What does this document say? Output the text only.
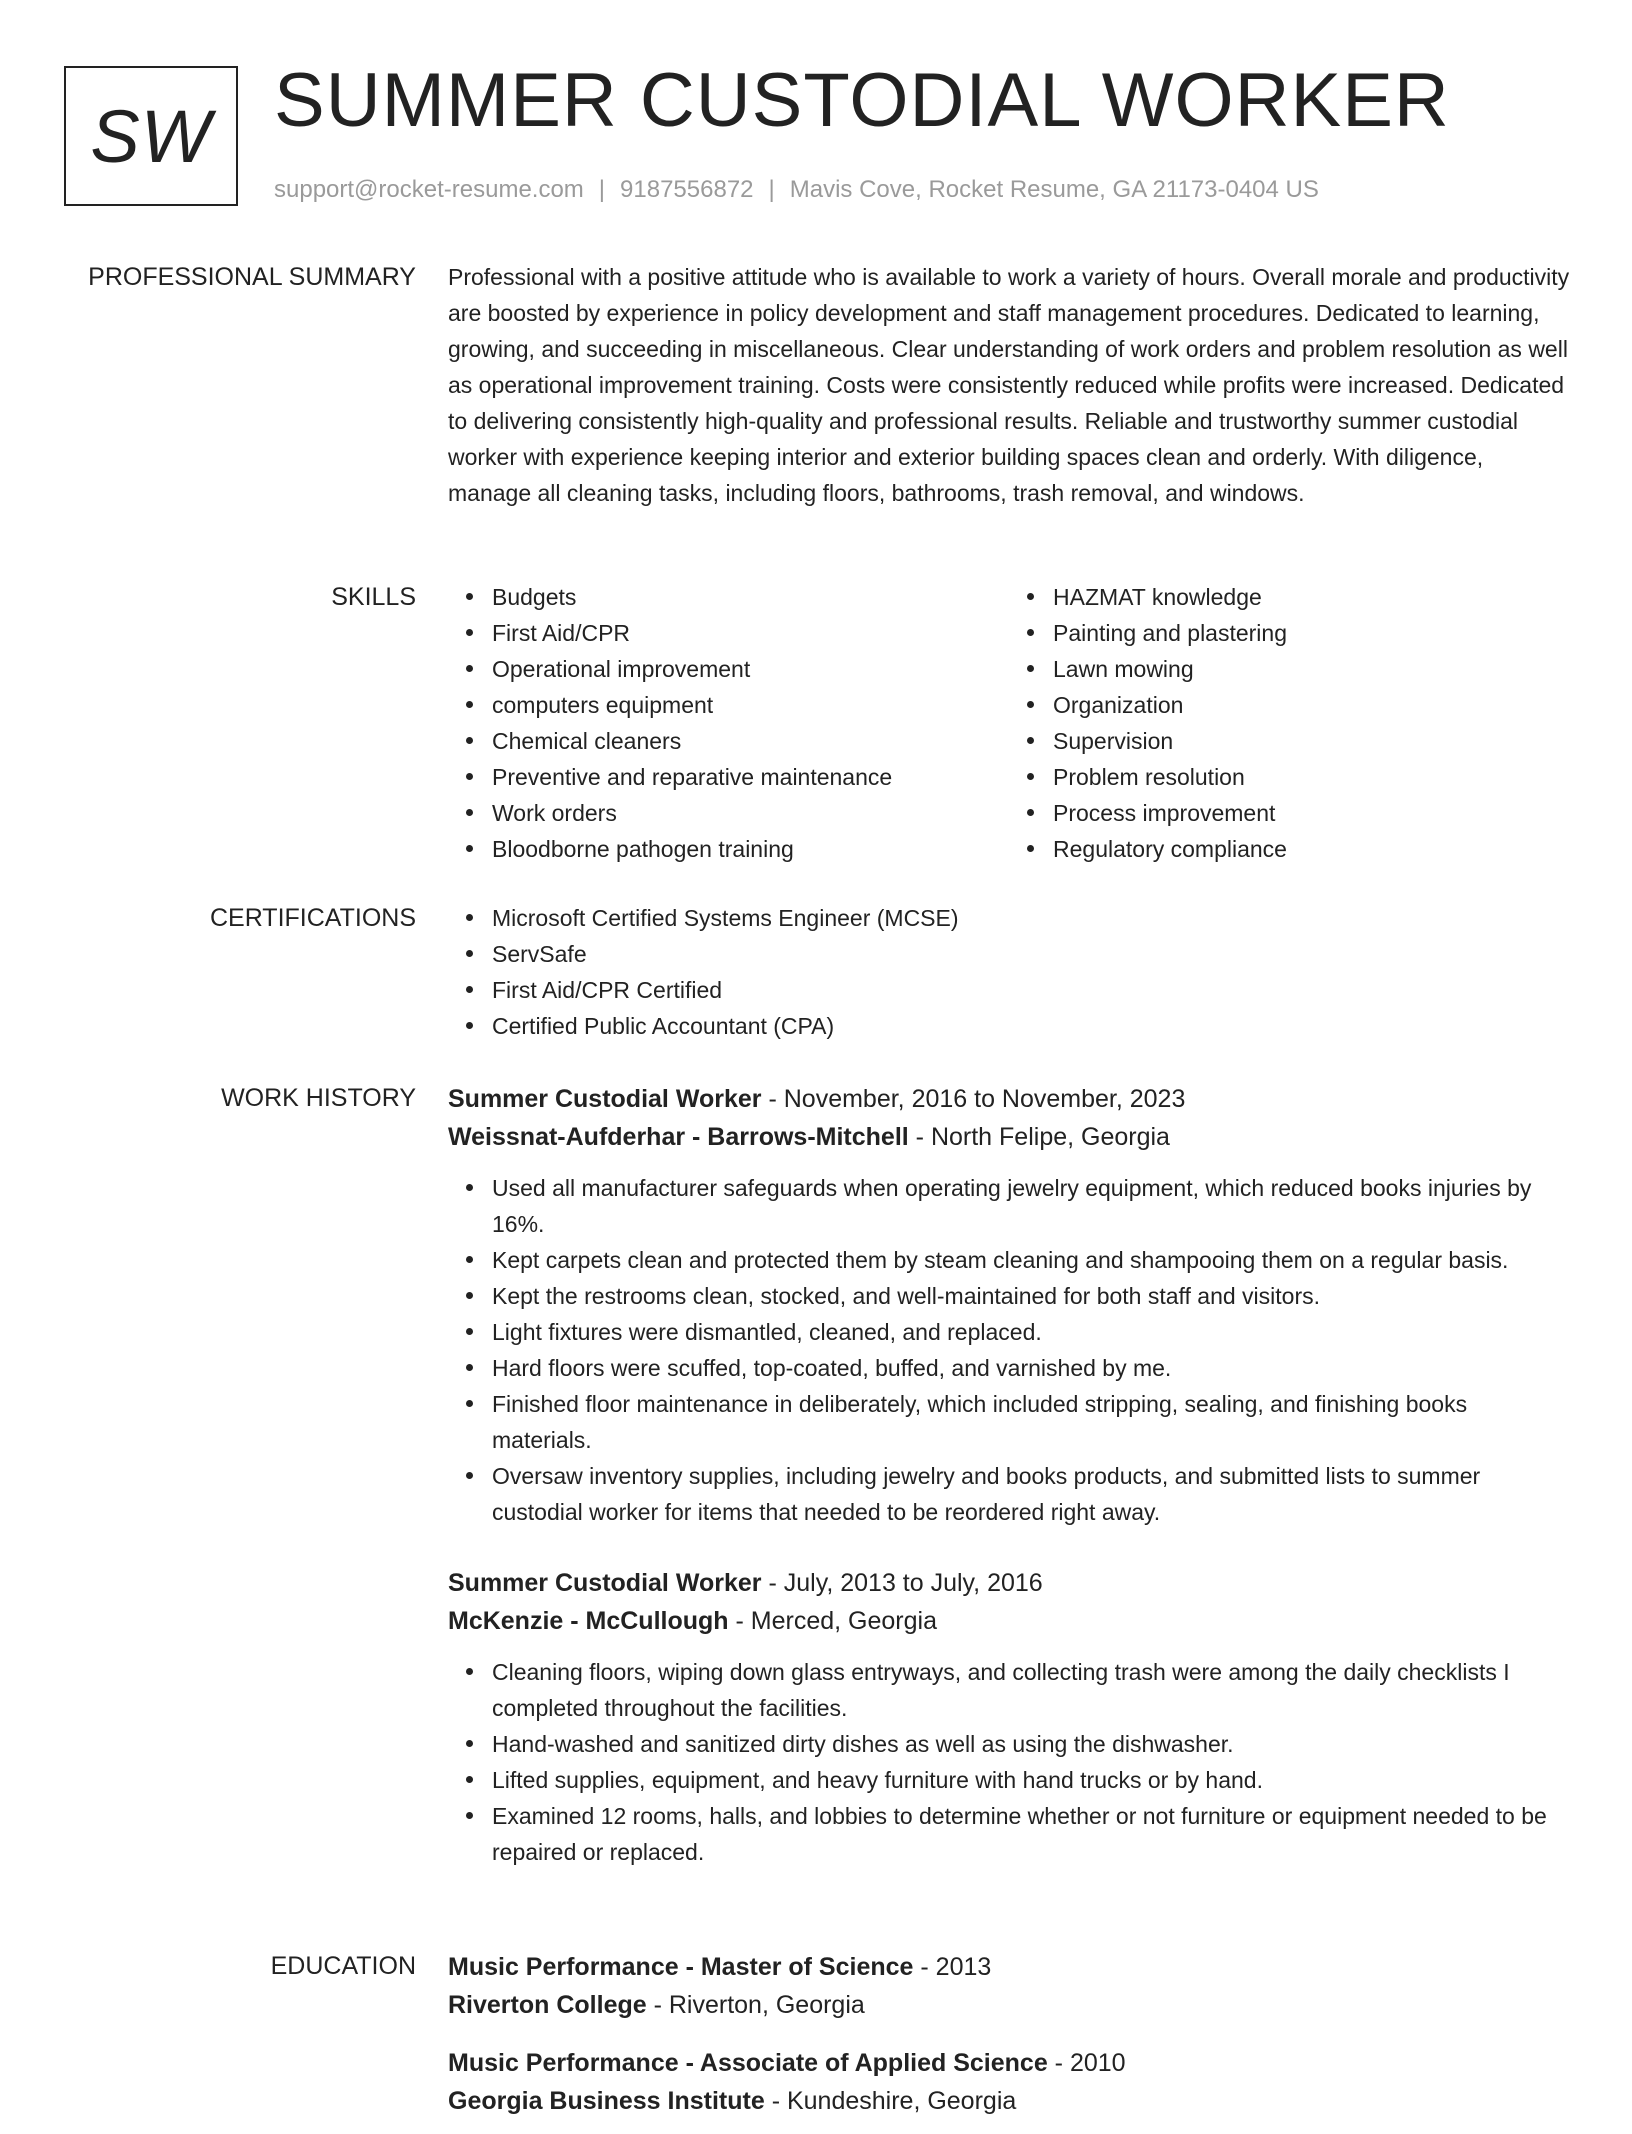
SW SUMMER CUSTODIAL WORKER
support@rocket-resume.com | 9187556872 | Mavis Cove, Rocket Resume, GA 21173-0404 US
PROFESSIONAL SUMMARY Professional with a positive attitude who is available to work a variety of hours. Overall morale and productivity are boosted by experience in policy development and staff management procedures. Dedicated to learning, growing, and succeeding in miscellaneous. Clear understanding of work orders and problem resolution as well as operational improvement training. Costs were consistently reduced while profits were increased. Dedicated to delivering consistently high-quality and professional results. Reliable and trustworthy summer custodial worker with experience keeping interior and exterior building spaces clean and orderly. With diligence, manage all cleaning tasks, including floors, bathrooms, trash removal, and windows.

SKILLS	Budgets
First Aid/CPR
Operational improvement
computers equipment
Chemical cleaners
Preventive and reparative maintenance
Work orders
Bloodborne pathogen training
HAZMAT knowledge
Painting and plastering
Lawn mowing
Organization
Supervision
Problem resolution
Process improvement
Regulatory compliance
CERTIFICATIONS	Microsoft Certified Systems Engineer (MCSE)
ServSafe
First Aid/CPR Certified
Certified Public Accountant (CPA)
WORK HISTORY Summer Custodial Worker - November, 2016 to November, 2023
Weissnat-Aufderhar - Barrows-Mitchell - North Felipe, Georgia
Used all manufacturer safeguards when operating jewelry equipment, which reduced books injuries by 16%.
Kept carpets clean and protected them by steam cleaning and shampooing them on a regular basis.
Kept the restrooms clean, stocked, and well-maintained for both staff and visitors.
Light fixtures were dismantled, cleaned, and replaced.
Hard floors were scuffed, top-coated, buffed, and varnished by me.
Finished floor maintenance in deliberately, which included stripping, sealing, and finishing books materials.
Oversaw inventory supplies, including jewelry and books products, and submitted lists to summer custodial worker for items that needed to be reordered right away.
Summer Custodial Worker - July, 2013 to July, 2016
McKenzie - McCullough - Merced, Georgia
Cleaning floors, wiping down glass entryways, and collecting trash were among the daily checklists I completed throughout the facilities.
Hand-washed and sanitized dirty dishes as well as using the dishwasher.
Lifted supplies, equipment, and heavy furniture with hand trucks or by hand.
Examined 12 rooms, halls, and lobbies to determine whether or not furniture or equipment needed to be repaired or replaced.
EDUCATION Music Performance - Master of Science - 2013
Riverton College - Riverton, Georgia
Music Performance - Associate of Applied Science - 2010
Georgia Business Institute - Kundeshire, Georgia
